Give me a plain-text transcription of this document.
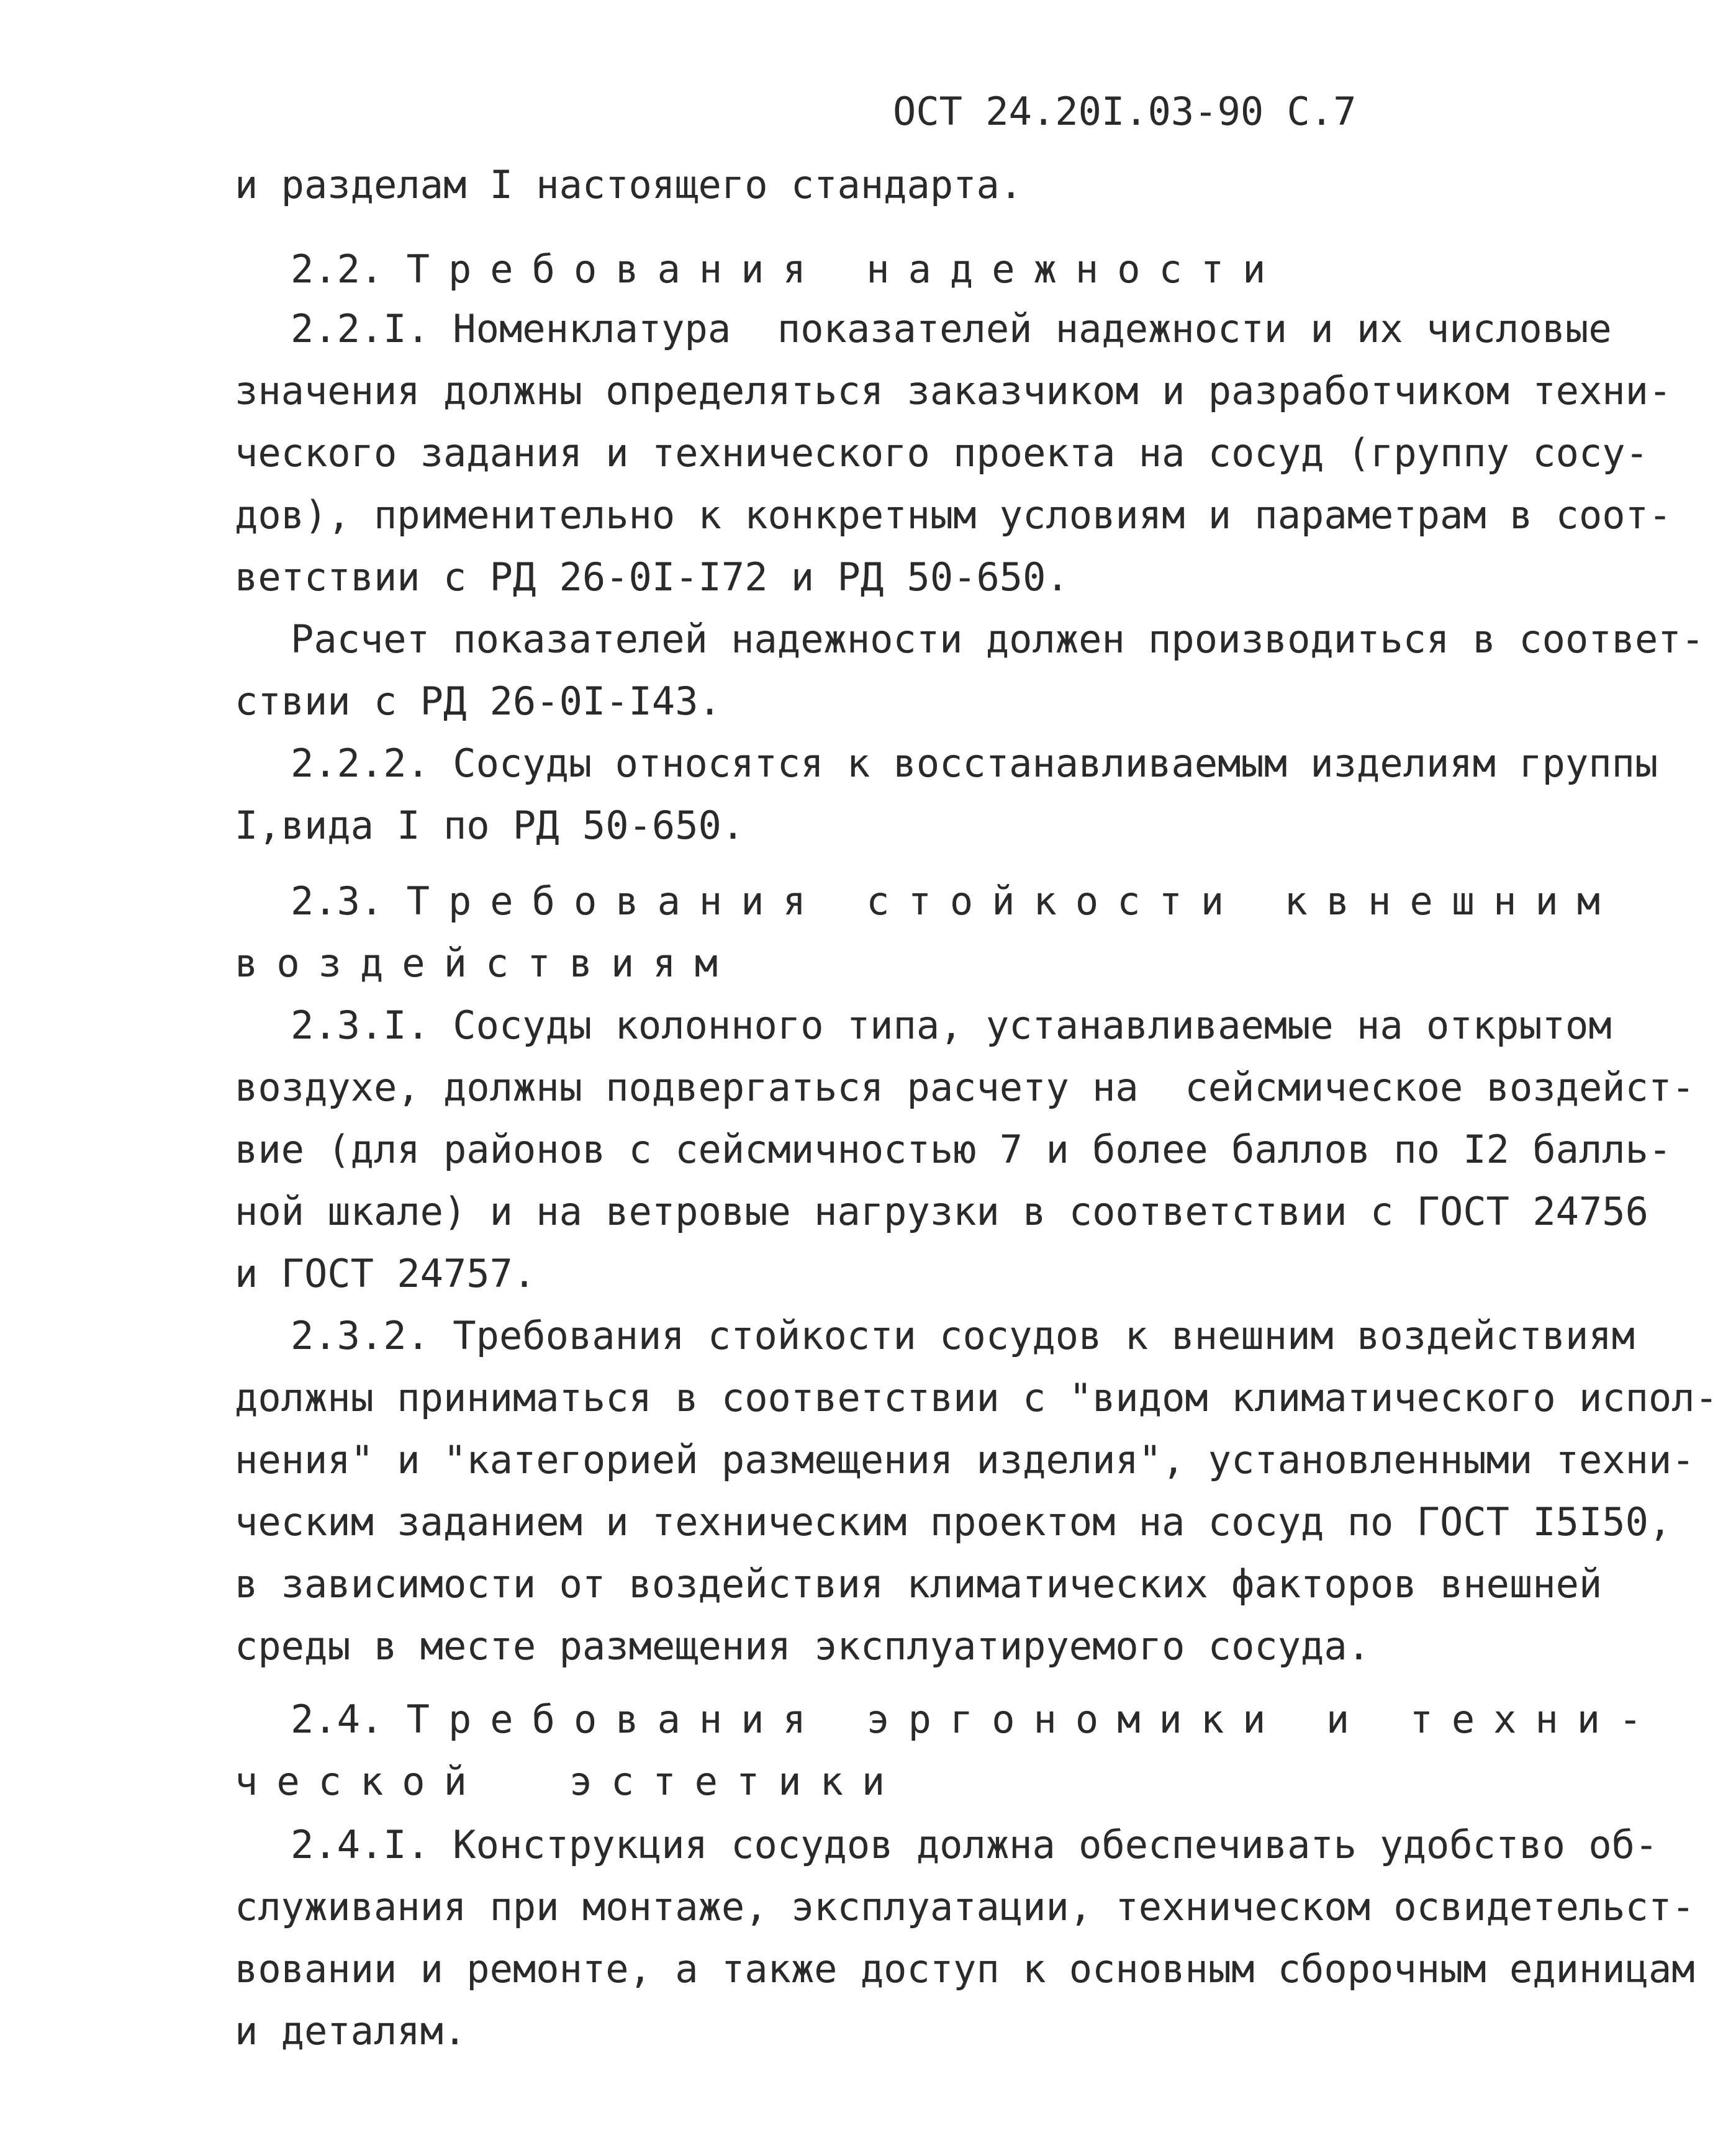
ОСТ 24.20I.03-90 С.7
и разделам I настоящего стандарта.
2.2. Требования надежности
2.2.I. Номенклатура  показателей надежности и их числовые
значения должны определяться заказчиком и разработчиком техни-
ческого задания и технического проекта на сосуд (группу сосу-
дов), применительно к конкретным условиям и параметрам в соот-
ветствии с РД 26-0I-I72 и РД 50-650.
Расчет показателей надежности должен производиться в соответ-
ствии с РД 26-0I-I43.
2.2.2. Сосуды относятся к восстанавливаемым изделиям группы
I,вида I по РД 50-650.
2.3. Требования стойкости квнешним
воздействиям
2.3.I. Сосуды колонного типа, устанавливаемые на открытом
воздухе, должны подвергаться расчету на  сейсмическое воздейст-
вие (для районов с сейсмичностью 7 и более баллов по I2 балль-
ной шкале) и на ветровые нагрузки в соответствии с ГОСТ 24756
и ГОСТ 24757.
2.3.2. Требования стойкости сосудов к внешним воздействиям
должны приниматься в соответствии с "видом климатического испол-
нения" и "категорией размещения изделия", установленными техни-
ческим заданием и техническим проектом на сосуд по ГОСТ I5I50,
в зависимости от воздействия климатических факторов внешней
среды в месте размещения эксплуатируемого сосуда.
2.4. Требования эргономики и техни-
ческой  эстетики
2.4.I. Конструкция сосудов должна обеспечивать удобство об-
служивания при монтаже, эксплуатации, техническом освидетельст-
вовании и ремонте, а также доступ к основным сборочным единицам
и деталям.
